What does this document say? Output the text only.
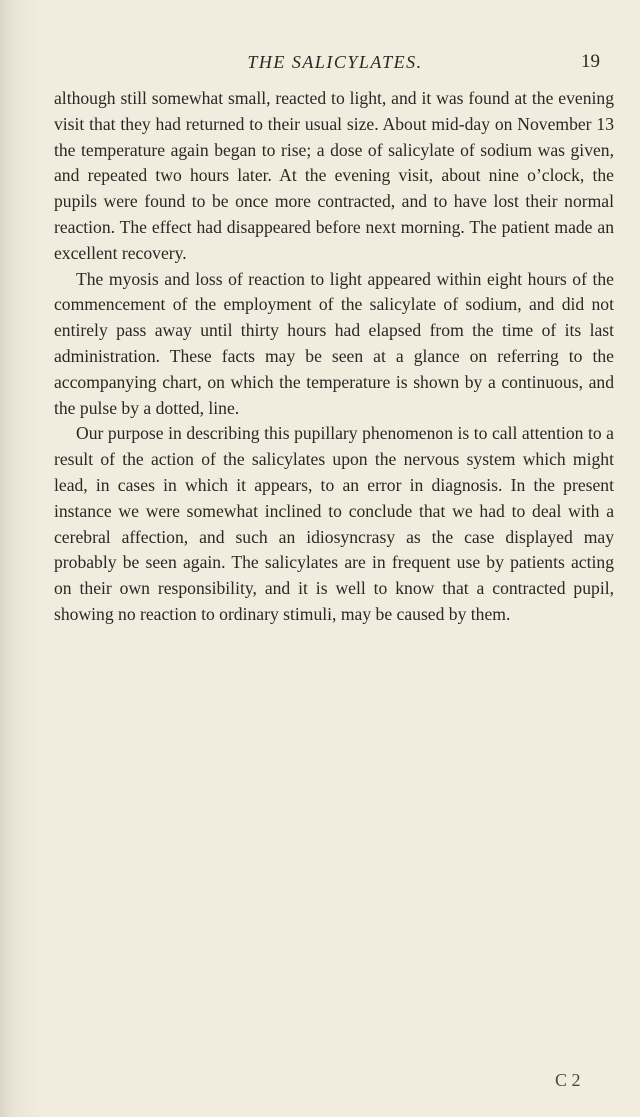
THE SALICYLATES.	19

although still somewhat small, reacted to light, and it was found at the evening visit that they had returned to their usual size. About mid-day on November 13 the temperature again began to rise; a dose of salicylate of sodium was given, and repeated two hours later. At the evening visit, about nine o’clock, the pupils were found to be once more contracted, and to have lost their normal reaction. The effect had disappeared before next morning. The patient made an excellent recovery.

The myosis and loss of reaction to light appeared within eight hours of the commencement of the employment of the salicylate of sodium, and did not entirely pass away until thirty hours had elapsed from the time of its last administration. These facts may be seen at a glance on referring to the accompanying chart, on which the temperature is shown by a continuous, and the pulse by a dotted, line.

Our purpose in describing this pupillary phenomenon is to call attention to a result of the action of the salicylates upon the nervous system which might lead, in cases in which it appears, to an error in diagnosis. In the present instance we were somewhat inclined to conclude that we had to deal with a cerebral affection, and such an idiosyncrasy as the case displayed may probably be seen again. The salicylates are in frequent use by patients acting on their own responsibility, and it is well to know that a contracted pupil, showing no reaction to ordinary stimuli, may be caused by them.

C 2
